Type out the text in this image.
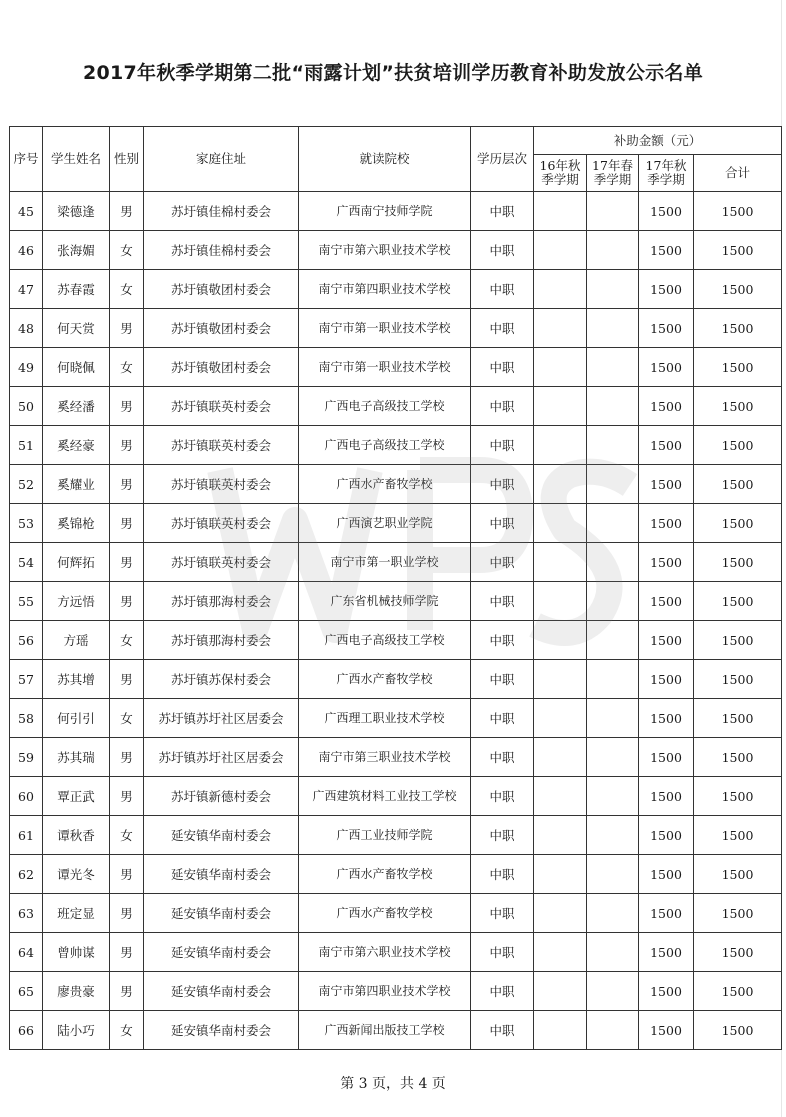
2017年秋季学期第二批“雨露计划”扶贫培训学历教育补助发放公示名单
序号	学生姓名	性别	家庭住址	就读院校	学历层次	补助金额（元）			
						16年秋季学期	17年春季学期	17年秋季学期	合计
45	梁德逢	男	苏圩镇佳棉村委会	广西南宁技师学院	中职			1500	1500
46	张海媚	女	苏圩镇佳棉村委会	南宁市第六职业技术学校	中职			1500	1500
47	苏春霞	女	苏圩镇敬团村委会	南宁市第四职业技术学校	中职			1500	1500
48	何天赏	男	苏圩镇敬团村委会	南宁市第一职业技术学校	中职			1500	1500
49	何晓佩	女	苏圩镇敬团村委会	南宁市第一职业技术学校	中职			1500	1500
50	奚经潘	男	苏圩镇联英村委会	广西电子高级技工学校	中职			1500	1500
51	奚经豪	男	苏圩镇联英村委会	广西电子高级技工学校	中职			1500	1500
52	奚耀业	男	苏圩镇联英村委会	广西水产畜牧学校	中职			1500	1500
53	奚锦枪	男	苏圩镇联英村委会	广西演艺职业学院	中职			1500	1500
54	何辉拓	男	苏圩镇联英村委会	南宁市第一职业学校	中职			1500	1500
55	方远悟	男	苏圩镇那海村委会	广东省机械技师学院	中职			1500	1500
56	方瑶	女	苏圩镇那海村委会	广西电子高级技工学校	中职			1500	1500
57	苏其增	男	苏圩镇苏保村委会	广西水产畜牧学校	中职			1500	1500
58	何引引	女	苏圩镇苏圩社区居委会	广西理工职业技术学校	中职			1500	1500
59	苏其瑞	男	苏圩镇苏圩社区居委会	南宁市第三职业技术学校	中职			1500	1500
60	覃正武	男	苏圩镇新德村委会	广西建筑材料工业技工学校	中职			1500	1500
61	谭秋香	女	延安镇华南村委会	广西工业技师学院	中职			1500	1500
62	谭光冬	男	延安镇华南村委会	广西水产畜牧学校	中职			1500	1500
63	班定显	男	延安镇华南村委会	广西水产畜牧学校	中职			1500	1500
64	曾帅谋	男	延安镇华南村委会	南宁市第六职业技术学校	中职			1500	1500
65	廖贵豪	男	延安镇华南村委会	南宁市第四职业技术学校	中职			1500	1500
66	陆小巧	女	延安镇华南村委会	广西新闻出版技工学校	中职			1500	1500
第 3 页，共 4 页
